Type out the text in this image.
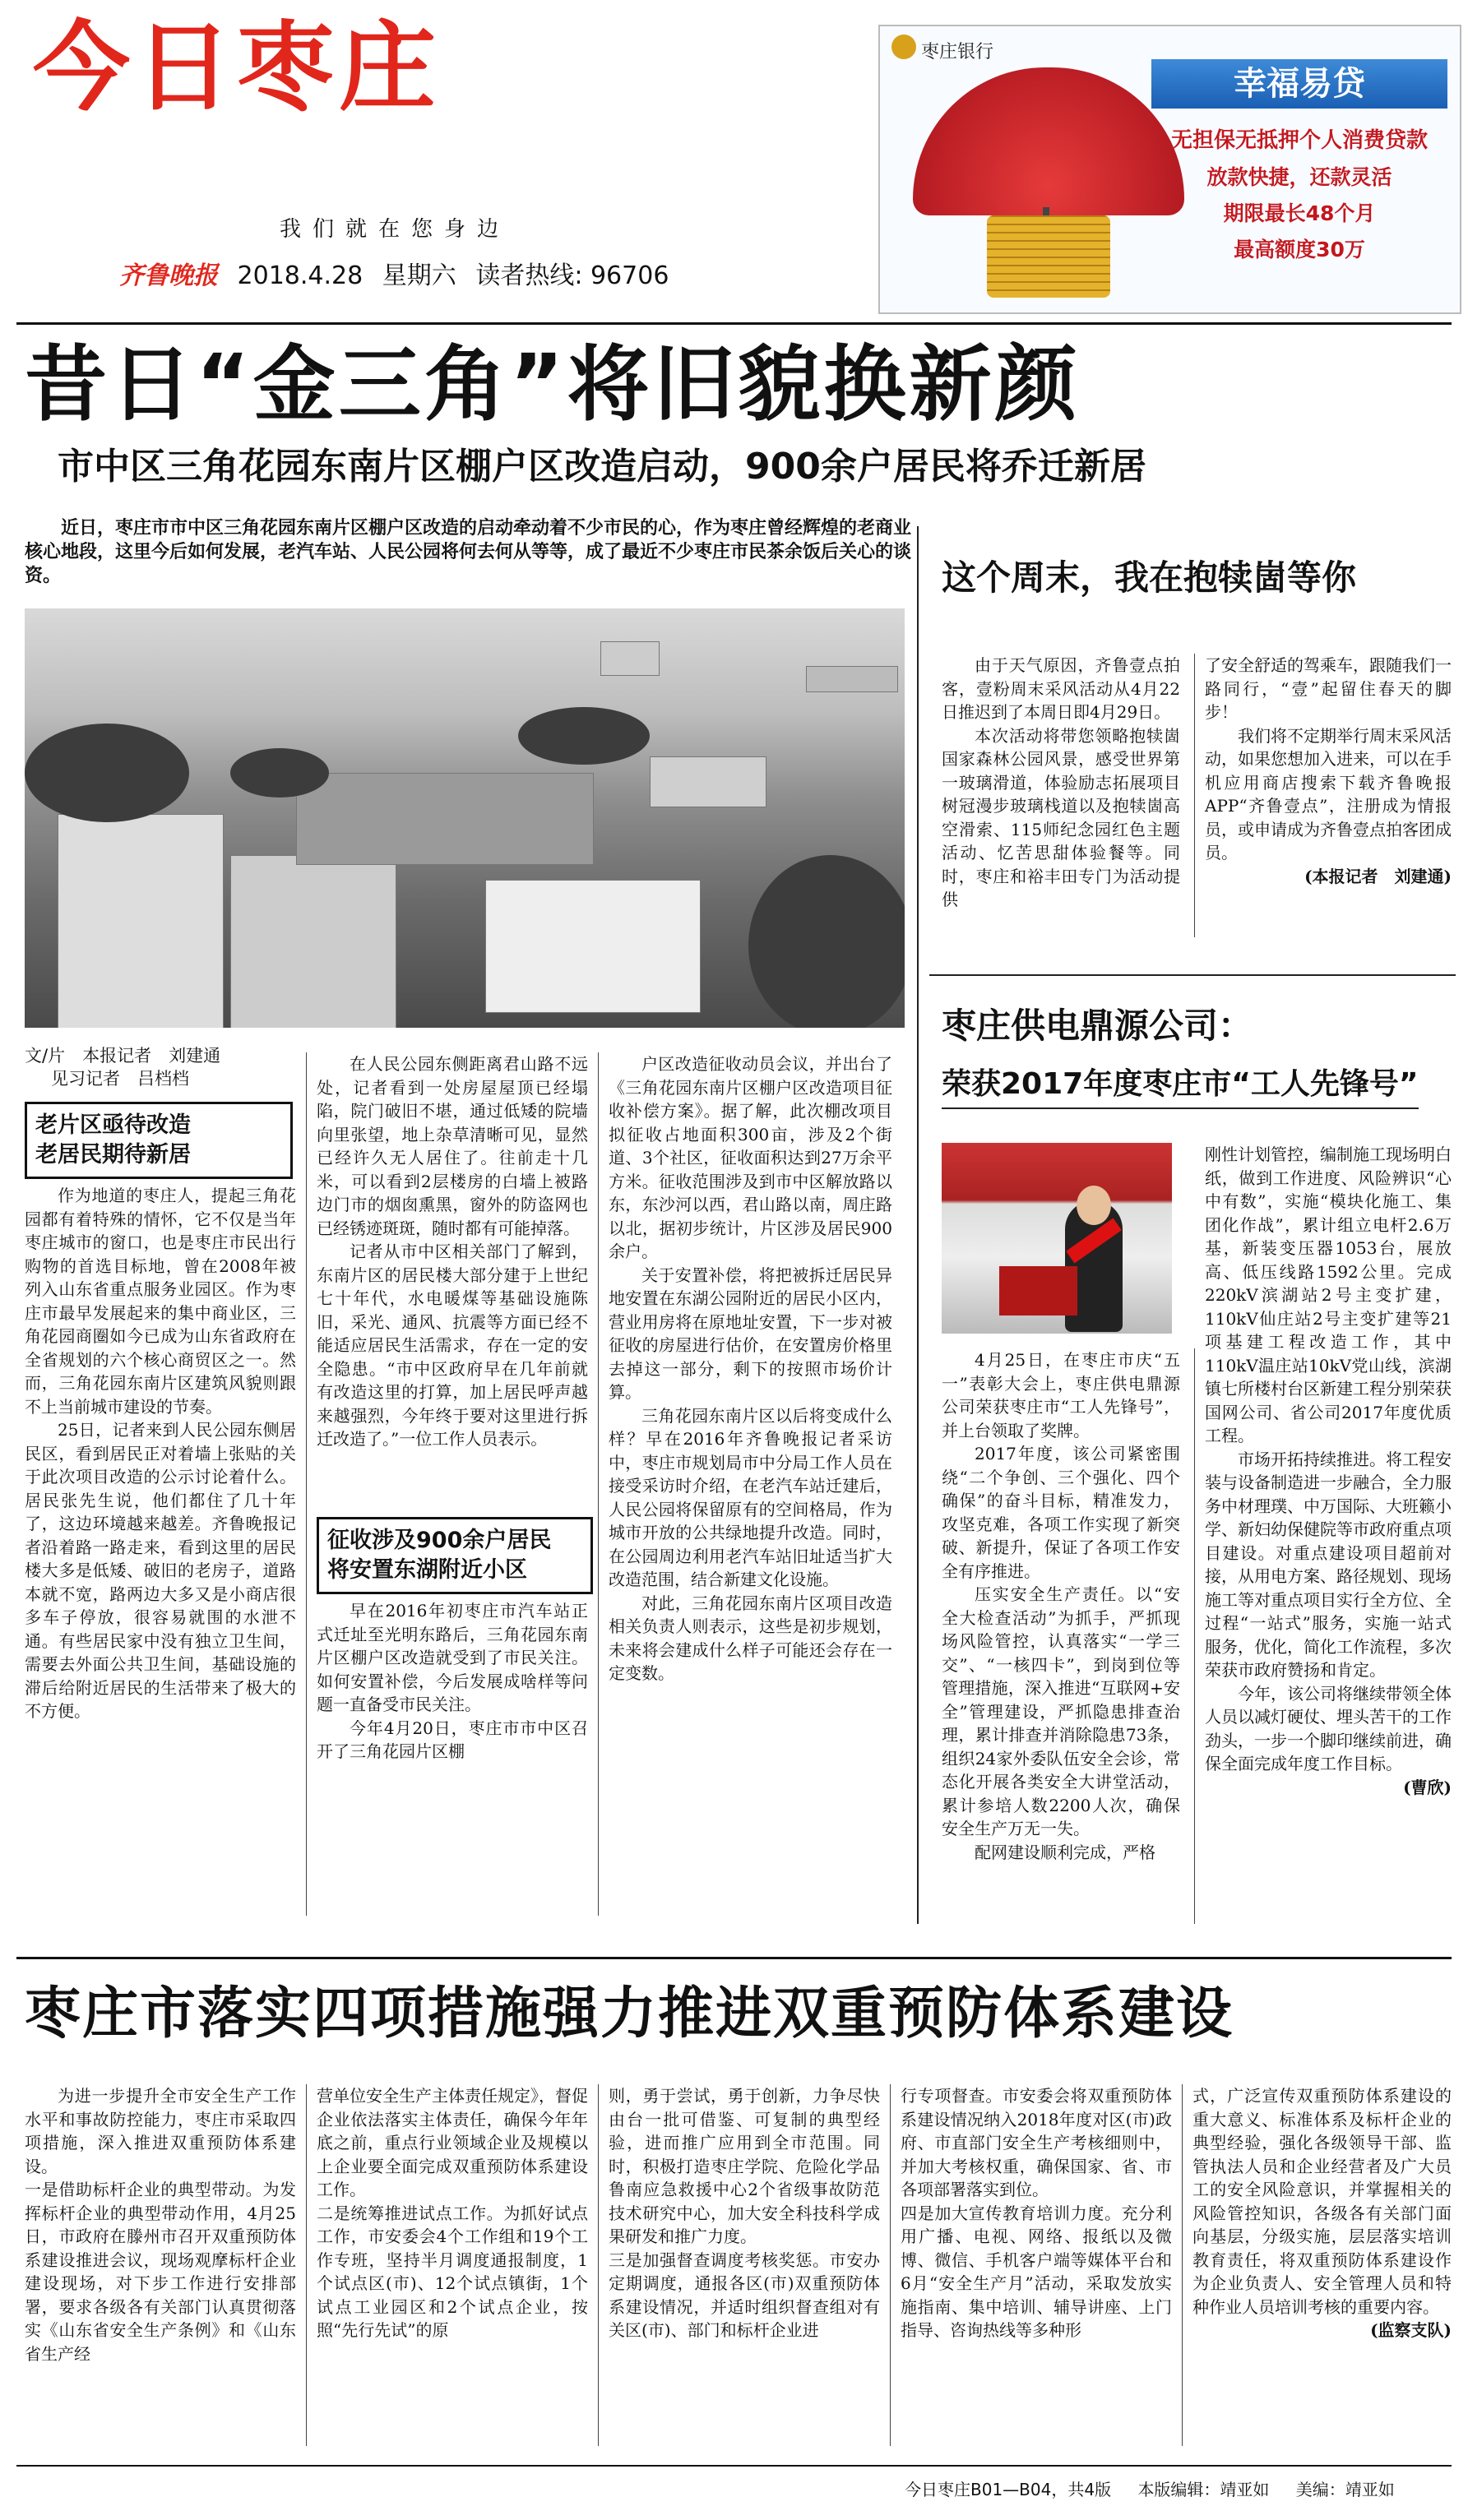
今日枣庄
我们就在您身边
齐鲁晚报 2018.4.28 星期六 读者热线: 96706
枣庄银行
幸福易贷
无担保无抵押个人消费贷款
放款快捷，还款灵活
期限最长48个月
最高额度30万
昔日“金三角”将旧貌换新颜
市中区三角花园东南片区棚户区改造启动，900余户居民将乔迁新居
近日，枣庄市市中区三角花园东南片区棚户区改造的启动牵动着不少市民的心，作为枣庄曾经辉煌的老商业核心地段，这里今后如何发展，老汽车站、人民公园将何去何从等等，成了最近不少枣庄市民茶余饭后关心的谈资。
文/片　本报记者　刘建通
见习记者　吕档档
老片区亟待改造
老居民期待新居

作为地道的枣庄人，提起三角花园都有着特殊的情怀，它不仅是当年枣庄城市的窗口，也是枣庄市民出行购物的首选目标地，曾在2008年被列入山东省重点服务业园区。作为枣庄市最早发展起来的集中商业区，三角花园商圈如今已成为山东省政府在全省规划的六个核心商贸区之一。然而，三角花园东南片区建筑风貌则跟不上当前城市建设的节奏。

25日，记者来到人民公园东侧居民区，看到居民正对着墙上张贴的关于此次项目改造的公示讨论着什么。居民张先生说，他们都住了几十年了，这边环境越来越差。齐鲁晚报记者沿着路一路走来，看到这里的居民楼大多是低矮、破旧的老房子，道路本就不宽，路两边大多又是小商店很多车子停放，很容易就围的水泄不通。有些居民家中没有独立卫生间，需要去外面公共卫生间，基础设施的滞后给附近居民的生活带来了极大的不方便。

在人民公园东侧距离君山路不远处，记者看到一处房屋屋顶已经塌陷，院门破旧不堪，通过低矮的院墙向里张望，地上杂草清晰可见，显然已经许久无人居住了。往前走十几米，可以看到2层楼房的白墙上被路边门市的烟囱熏黑，窗外的防盗网也已经锈迹斑斑，随时都有可能掉落。

记者从市中区相关部门了解到，东南片区的居民楼大部分建于上世纪七十年代，水电暖煤等基础设施陈旧，采光、通风、抗震等方面已经不能适应居民生活需求，存在一定的安全隐患。“市中区政府早在几年前就有改造这里的打算，加上居民呼声越来越强烈，今年终于要对这里进行拆迁改造了。”一位工作人员表示。

征收涉及900余户居民
将安置东湖附近小区

早在2016年初枣庄市汽车站正式迁址至光明东路后，三角花园东南片区棚户区改造就受到了市民关注。如何安置补偿，今后发展成啥样等问题一直备受市民关注。

今年4月20日，枣庄市市中区召开了三角花园片区棚

户区改造征收动员会议，并出台了《三角花园东南片区棚户区改造项目征收补偿方案》。据了解，此次棚改项目拟征收占地面积300亩，涉及2个街道、3个社区，征收面积达到27万余平方米。征收范围涉及到市中区解放路以东，东沙河以西，君山路以南，周庄路以北，据初步统计，片区涉及居民900余户。

关于安置补偿，将把被拆迁居民异地安置在东湖公园附近的居民小区内，营业用房将在原地址安置，下一步对被征收的房屋进行估价，在安置房价格里去掉这一部分，剩下的按照市场价计算。

三角花园东南片区以后将变成什么样？早在2016年齐鲁晚报记者采访中，枣庄市规划局市中分局工作人员在接受采访时介绍，在老汽车站迁建后，人民公园将保留原有的空间格局，作为城市开放的公共绿地提升改造。同时，在公园周边利用老汽车站旧址适当扩大改造范围，结合新建文化设施。

对此，三角花园东南片区项目改造相关负责人则表示，这些是初步规划，未来将会建成什么样子可能还会存在一定变数。

这个周末，我在抱犊崮等你

由于天气原因，齐鲁壹点拍客，壹粉周末采风活动从4月22日推迟到了本周日即4月29日。

本次活动将带您领略抱犊崮国家森林公园风景，感受世界第一玻璃滑道，体验励志拓展项目树冠漫步玻璃栈道以及抱犊崮高空滑索、115师纪念园红色主题活动、忆苦思甜体验餐等。同时，枣庄和裕丰田专门为活动提供

了安全舒适的驾乘车，跟随我们一路同行，“壹”起留住春天的脚步！

我们将不定期举行周末采风活动，如果您想加入进来，可以在手机应用商店搜索下载齐鲁晚报APP“齐鲁壹点”，注册成为情报员，或申请成为齐鲁壹点拍客团成员。

(本报记者　刘建通)

枣庄供电鼎源公司：
荣获2017年度枣庄市“工人先锋号”

刚性计划管控，编制施工现场明白纸，做到工作进度、风险辨识“心中有数”，实施“模块化施工、集团化作战”，累计组立电杆2.6万基，新装变压器1053台，展放高、低压线路1592公里。完成220kV滨湖站2号主变扩建，110kV仙庄站2号主变扩建等21项基建工程改造工作，其中110kV温庄站10kV党山线，滨湖镇七所楼村台区新建工程分别荣获国网公司、省公司2017年度优质工程。

市场开拓持续推进。将工程安装与设备制造进一步融合，全力服务中材理璞、中万国际、大班籁小学、新妇幼保健院等市政府重点项目建设。对重点建设项目超前对接，从用电方案、路径规划、现场施工等对重点项目实行全方位、全过程“一站式”服务，实施一站式服务，优化，简化工作流程，多次荣获市政府赞扬和肯定。

今年，该公司将继续带领全体人员以减灯硬仗、埋头苦干的工作劲头，一步一个脚印继续前进，确保全面完成年度工作目标。

(曹欣)

4月25日，在枣庄市庆“五一”表彰大会上，枣庄供电鼎源公司荣获枣庄市“工人先锋号”，并上台领取了奖牌。

2017年度，该公司紧密围绕“二个争创、三个强化、四个确保”的奋斗目标，精准发力，攻坚克难，各项工作实现了新突破、新提升，保证了各项工作安全有序推进。

压实安全生产责任。以“安全大检查活动”为抓手，严抓现场风险管控，认真落实“一学三交”、“一核四卡”，到岗到位等管理措施，深入推进“互联网+安全”管理建设，严抓隐患排查治理，累计排查并消除隐患73条，组织24家外委队伍安全会诊，常态化开展各类安全大讲堂活动，累计参培人数2200人次，确保安全生产万无一失。

配网建设顺利完成，严格

枣庄市落实四项措施强力推进双重预防体系建设
为进一步提升全市安全生产工作水平和事故防控能力，枣庄市采取四项措施，深入推进双重预防体系建设。
一是借助标杆企业的典型带动。为发挥标杆企业的典型带动作用，4月25日，市政府在滕州市召开双重预防体系建设推进会议，现场观摩标杆企业建设现场，对下步工作进行安排部署，要求各级各有关部门认真贯彻落实《山东省安全生产条例》和《山东省生产经
营单位安全生产主体责任规定》，督促企业依法落实主体责任，确保今年年底之前，重点行业领域企业及规模以上企业要全面完成双重预防体系建设工作。
二是统筹推进试点工作。为抓好试点工作，市安委会4个工作组和19个工作专班，坚持半月调度通报制度，1个试点区(市)、12个试点镇街，1个试点工业园区和2个试点企业，按照“先行先试”的原
则，勇于尝试，勇于创新，力争尽快由台一批可借鉴、可复制的典型经验，进而推广应用到全市范围。同时，积极打造枣庄学院、危险化学品鲁南应急救援中心2个省级事故防范技术研究中心，加大安全科技科学成果研发和推广力度。
三是加强督查调度考核奖惩。市安办定期调度，通报各区(市)双重预防体系建设情况，并适时组织督查组对有关区(市)、部门和标杆企业进
行专项督查。市安委会将双重预防体系建设情况纳入2018年度对区(市)政府、市直部门安全生产考核细则中，并加大考核权重，确保国家、省、市各项部署落实到位。
四是加大宣传教育培训力度。充分利用广播、电视、网络、报纸以及微博、微信、手机客户端等媒体平台和6月“安全生产月”活动，采取发放实施指南、集中培训、辅导讲座、上门指导、咨询热线等多种形

式，广泛宣传双重预防体系建设的重大意义、标准体系及标杆企业的典型经验，强化各级领导干部、监管执法人员和企业经营者及广大员工的安全风险意识，并掌握相关的风险管控知识，各级各有关部门面向基层，分级实施，层层落实培训教育责任，将双重预防体系建设作为企业负责人、安全管理人员和特种作业人员培训考核的重要内容。

(监察支队)

今日枣庄B01—B04，共4版 本版编辑：靖亚如 美编：靖亚如
